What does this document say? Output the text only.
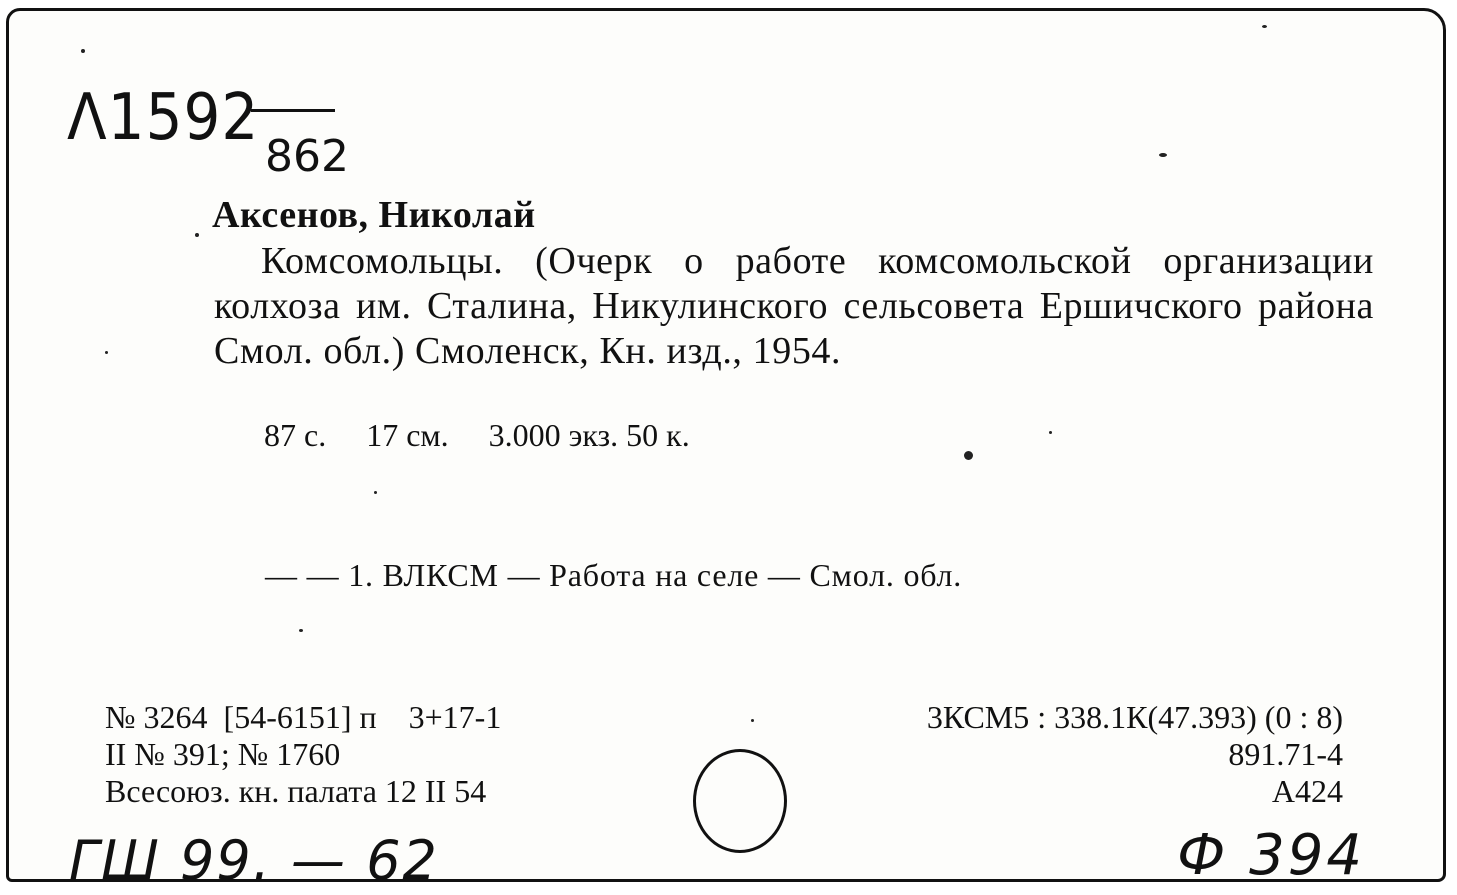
Λ1592
862
Аксенов, Николай
Комсомольцы. (Очерк о работе комсомольской организации колхоза им. Сталина, Никулинского сельсовета Ершичского района Смол. обл.) Смоленск, Кн. изд., 1954.
87 с.     17 см.     3.000 экз. 50 к.
— — 1. ВЛКСМ — Работа на селе — Смол. обл.
№ 3264  [54-6151] п    3+17-1
II № 391; № 1760
Всесоюз. кн. палата 12 II 54
3КСМ5 : 338.1К(47.393) (0 : 8)
891.71-4
А424
ГШ 99. — 62	Ф 394
